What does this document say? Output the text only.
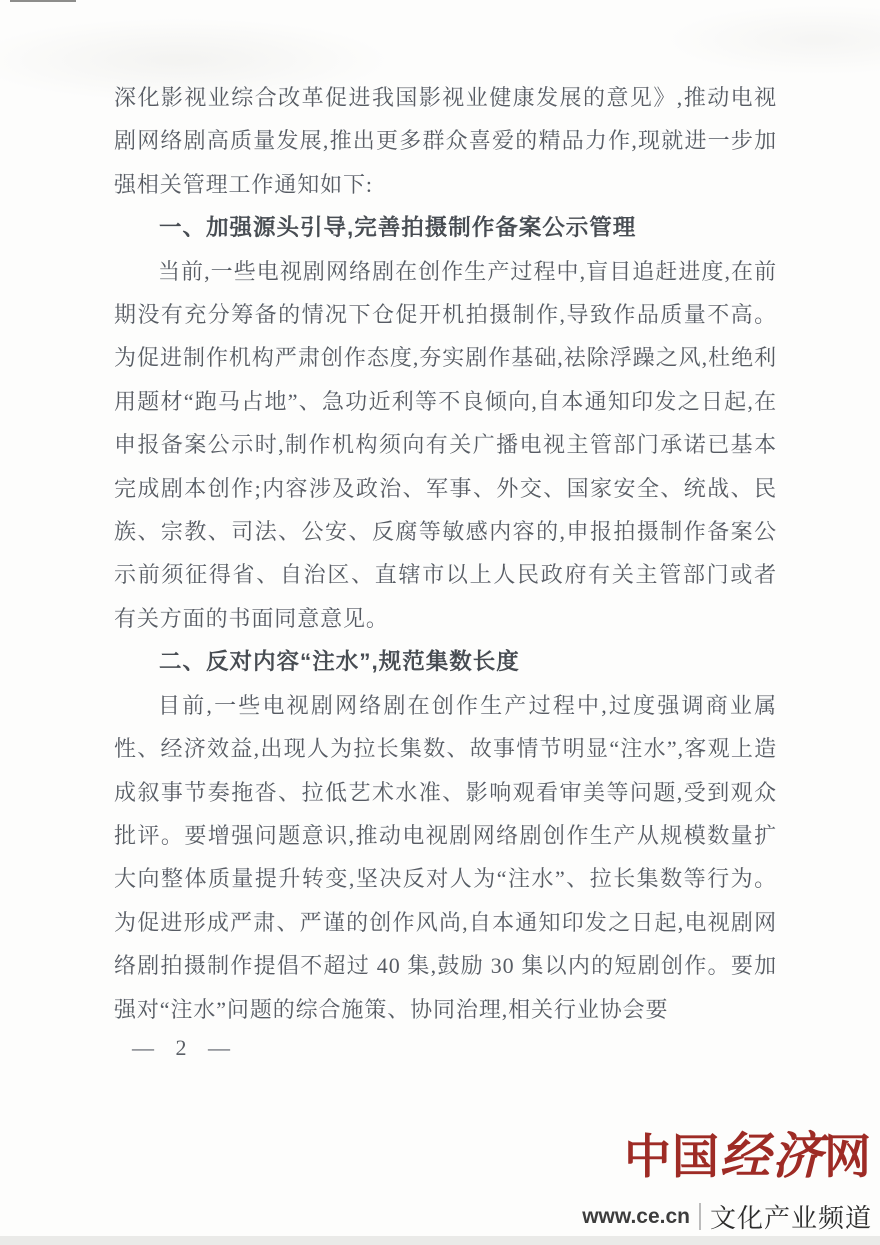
深化影视业综合改革促进我国影视业健康发展的意见》,推动电视剧网络剧高质量发展,推出更多群众喜爱的精品力作,现就进一步加强相关管理工作通知如下:

一、加强源头引导,完善拍摄制作备案公示管理

当前,一些电视剧网络剧在创作生产过程中,盲目追赶进度,在前期没有充分筹备的情况下仓促开机拍摄制作,导致作品质量不高。为促进制作机构严肃创作态度,夯实剧作基础,祛除浮躁之风,杜绝利用题材“跑马占地”、急功近利等不良倾向,自本通知印发之日起,在申报备案公示时,制作机构须向有关广播电视主管部门承诺已基本完成剧本创作;内容涉及政治、军事、外交、国家安全、统战、民族、宗教、司法、公安、反腐等敏感内容的,申报拍摄制作备案公示前须征得省、自治区、直辖市以上人民政府有关主管部门或者有关方面的书面同意意见。

二、反对内容“注水”,规范集数长度

目前,一些电视剧网络剧在创作生产过程中,过度强调商业属性、经济效益,出现人为拉长集数、故事情节明显“注水”,客观上造成叙事节奏拖沓、拉低艺术水准、影响观看审美等问题,受到观众批评。要增强问题意识,推动电视剧网络剧创作生产从规模数量扩大向整体质量提升转变,坚决反对人为“注水”、拉长集数等行为。为促进形成严肃、严谨的创作风尚,自本通知印发之日起,电视剧网络剧拍摄制作提倡不超过 40 集,鼓励 30 集以内的短剧创作。要加强对“注水”问题的综合施策、协同治理,相关行业协会要

— 2 —
中国经济网
www.ce.cn 文化产业频道
